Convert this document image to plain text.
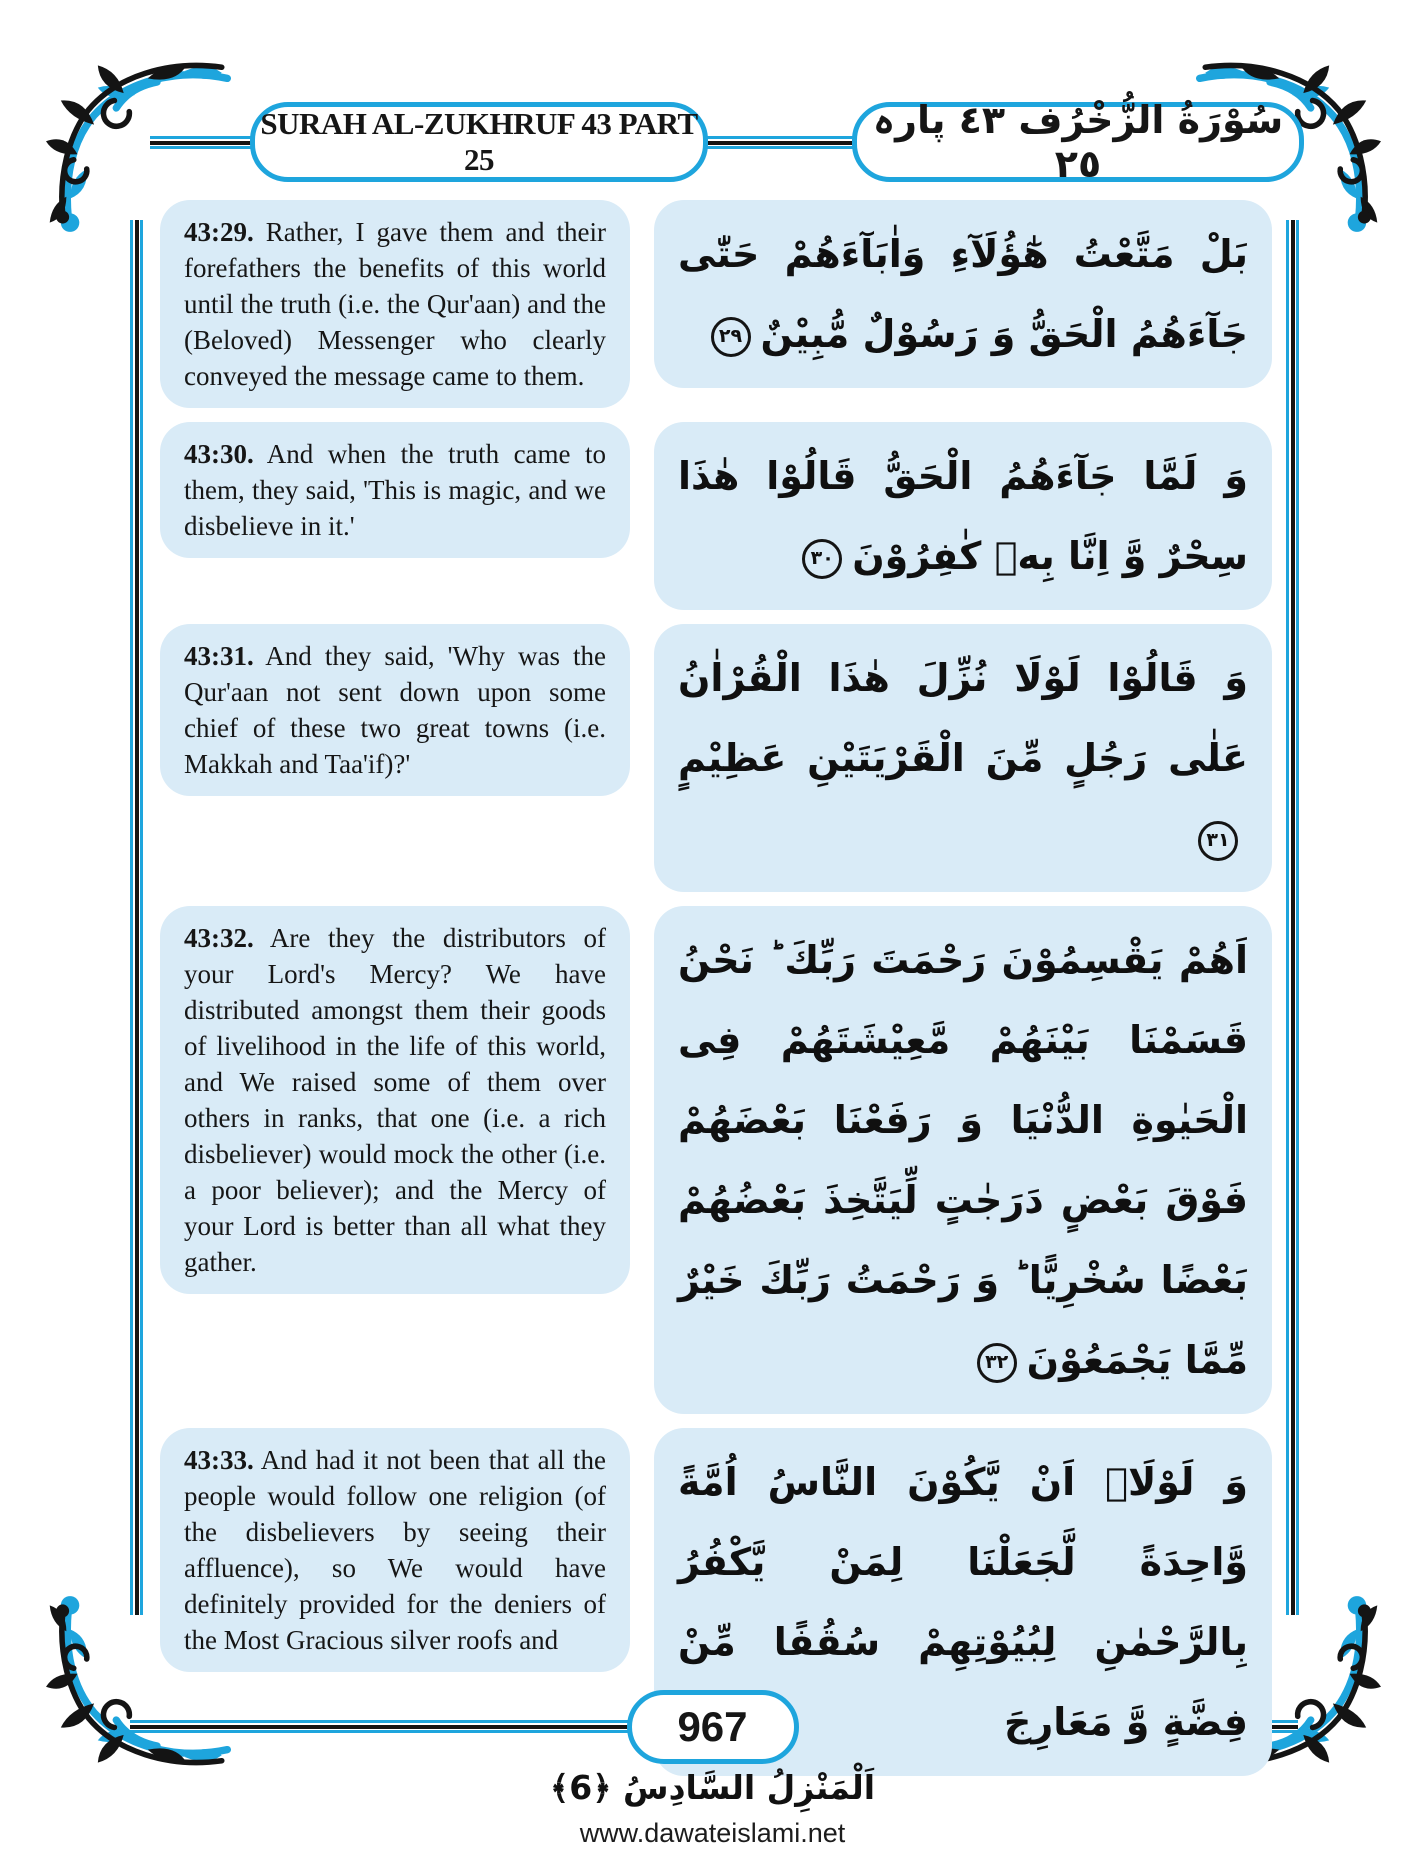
SURAH AL-ZUKHRUF 43 PART 25
سُوْرَةُ الزُّخْرُف ٤٣ پارہ ٢٥
43:29. Rather, I gave them and their forefathers the benefits of this world until the truth (i.e. the Qur'aan) and the (Beloved) Messenger who clearly conveyed the message came to them.
بَلْ مَتَّعْتُ هٰٓؤُلَآءِ وَاٰبَآءَهُمْ حَتّٰى جَآءَهُمُ الْحَقُّ وَ رَسُوْلٌ مُّبِيْنٌ
٢٩
43:30. And when the truth came to them, they said, 'This is magic, and we disbelieve in it.'
وَ لَمَّا جَآءَهُمُ الْحَقُّ قَالُوْا هٰذَا سِحْرٌ وَّ اِنَّا بِهٖ كٰفِرُوْنَ
٣٠
43:31. And they said, 'Why was the Qur'aan not sent down upon some chief of these two great towns (i.e. Makkah and Taa'if)?'
وَ قَالُوْا لَوْلَا نُزِّلَ هٰذَا الْقُرْاٰنُ عَلٰى رَجُلٍ مِّنَ الْقَرْيَتَيْنِ عَظِيْمٍ
٣١
43:32. Are they the distributors of your Lord's Mercy? We have distributed amongst them their goods of livelihood in the life of this world, and We raised some of them over others in ranks, that one (i.e. a rich disbeliever) would mock the other (i.e. a poor believer); and the Mercy of your Lord is better than all what they gather.
اَهُمْ يَقْسِمُوْنَ رَحْمَتَ رَبِّكَ ؕ نَحْنُ قَسَمْنَا بَيْنَهُمْ مَّعِيْشَتَهُمْ فِى الْحَيٰوةِ الدُّنْيَا وَ رَفَعْنَا بَعْضَهُمْ فَوْقَ بَعْضٍ دَرَجٰتٍ لِّيَتَّخِذَ بَعْضُهُمْ بَعْضًا سُخْرِيًّا ؕ وَ رَحْمَتُ رَبِّكَ خَيْرٌ مِّمَّا يَجْمَعُوْنَ
٣٢
43:33. And had it not been that all the people would follow one religion (of the disbelievers by seeing their affluence), so We would have definitely provided for the deniers of the Most Gracious silver roofs and
وَ لَوْلَاۤ اَنْ يَّكُوْنَ النَّاسُ اُمَّةً وَّاحِدَةً لَّجَعَلْنَا لِمَنْ يَّكْفُرُ بِالرَّحْمٰنِ لِبُيُوْتِهِمْ سُقُفًا مِّنْ فِضَّةٍ وَّ مَعَارِجَ
967
اَلْمَنْزِلُ السَّادِسُ ﴿6﴾
www.dawateislami.net
